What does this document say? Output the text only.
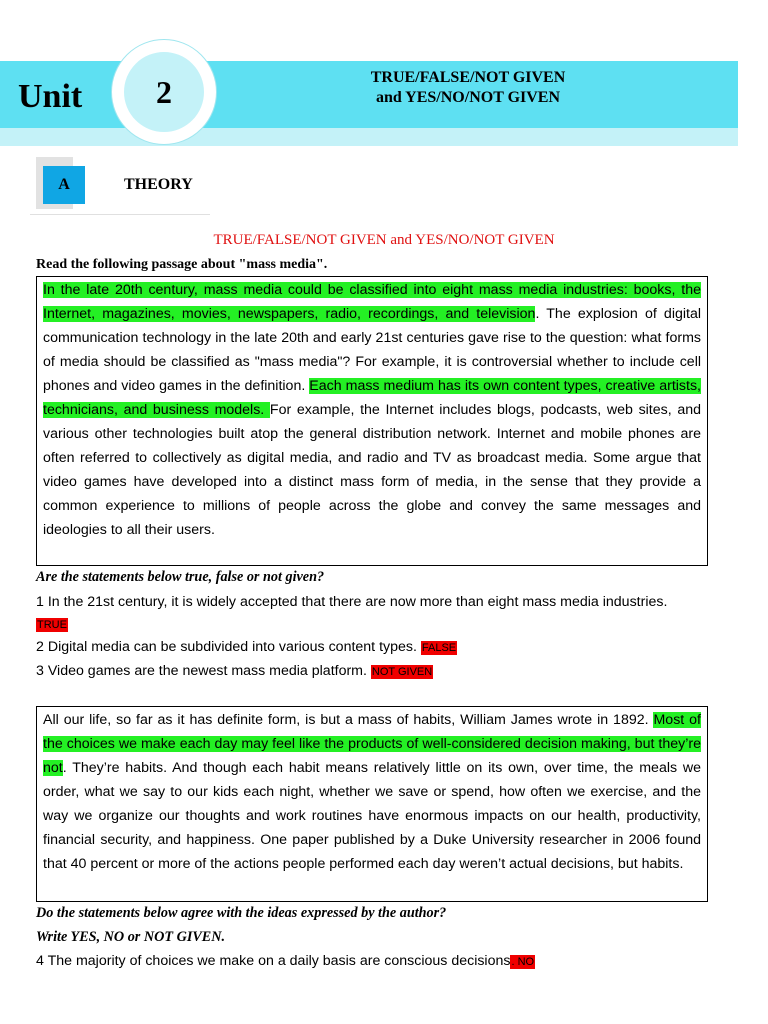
Unit	2	TRUE/FALSE/NOT GIVEN
and YES/NO/NOT GIVEN
A	THEORY
TRUE/FALSE/NOT GIVEN and YES/NO/NOT GIVEN
Read the following passage about "mass media".
In the late 20th century, mass media could be classified into eight mass media industries: books, the Internet, magazines, movies, newspapers, radio, recordings, and television. The explosion of digital communication technology in the late 20th and early 21st centuries gave rise to the question: what forms of media should be classified as "mass media"? For example, it is controversial whether to include cell phones and video games in the definition. Each mass medium has its own content types, creative artists, technicians, and business models. For example, the Internet includes blogs, podcasts, web sites, and various other technologies built atop the general distribution network. Internet and mobile phones are often referred to collectively as digital media, and radio and TV as broadcast media. Some argue that video games have developed into a distinct mass form of media, in the sense that they provide a common experience to millions of people across the globe and convey the same messages and ideologies to all their users.
Are the statements below true, false or not given?
1 In the 21st century, it is widely accepted that there are now more than eight mass media industries.
TRUE
2 Digital media can be subdivided into various content types. FALSE
3 Video games are the newest mass media platform. NOT GIVEN
All our life, so far as it has definite form, is but a mass of habits, William James wrote in 1892. Most of the choices we make each day may feel like the products of well-considered decision making, but they’re not. They’re habits. And though each habit means relatively little on its own, over time, the meals we order, what we say to our kids each night, whether we save or spend, how often we exercise, and the way we organize our thoughts and work routines have enormous impacts on our health, productivity, financial security, and happiness. One paper published by a Duke University researcher in 2006 found that 40 percent or more of the actions people performed each day weren’t actual decisions, but habits.
Do the statements below agree with the ideas expressed by the author?
Write YES, NO or NOT GIVEN.
4 The majority of choices we make on a daily basis are conscious decisions. NO
